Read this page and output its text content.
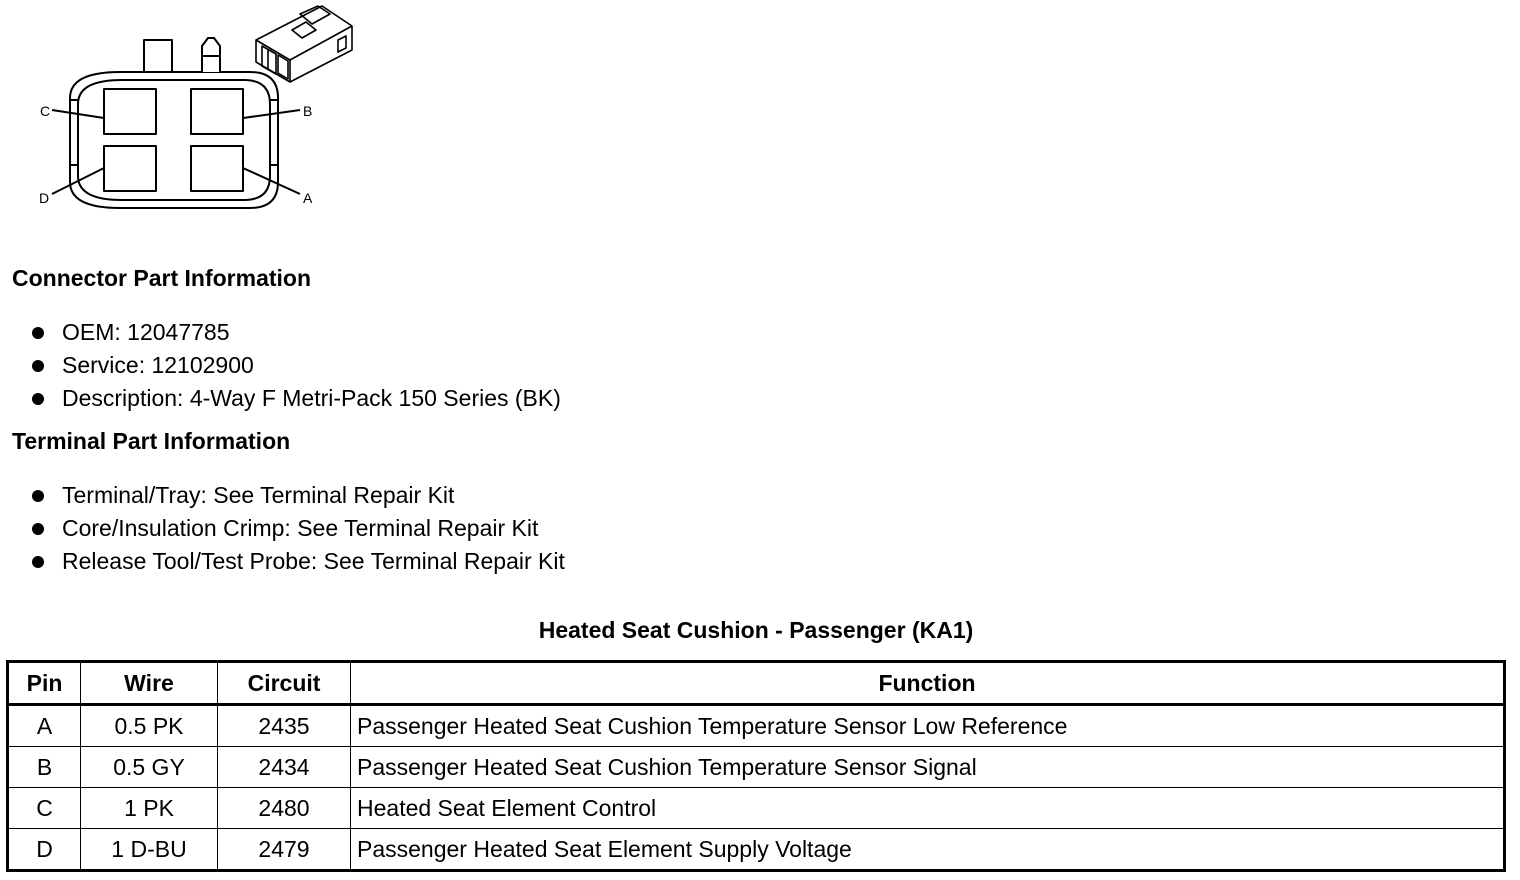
C	B
D	A
Connector Part Information
OEM: 12047785
Service: 12102900
Description: 4-Way F Metri-Pack 150 Series (BK)
Terminal Part Information
Terminal/Tray: See Terminal Repair Kit
Core/Insulation Crimp: See Terminal Repair Kit
Release Tool/Test Probe: See Terminal Repair Kit
Heated Seat Cushion - Passenger (KA1)
Pin	Wire	Circuit	Function
A	0.5 PK	2435	Passenger Heated Seat Cushion Temperature Sensor Low Reference
B	0.5 GY	2434	Passenger Heated Seat Cushion Temperature Sensor Signal
C	1 PK	2480	Heated Seat Element Control
D	1 D-BU	2479	Passenger Heated Seat Element Supply Voltage
